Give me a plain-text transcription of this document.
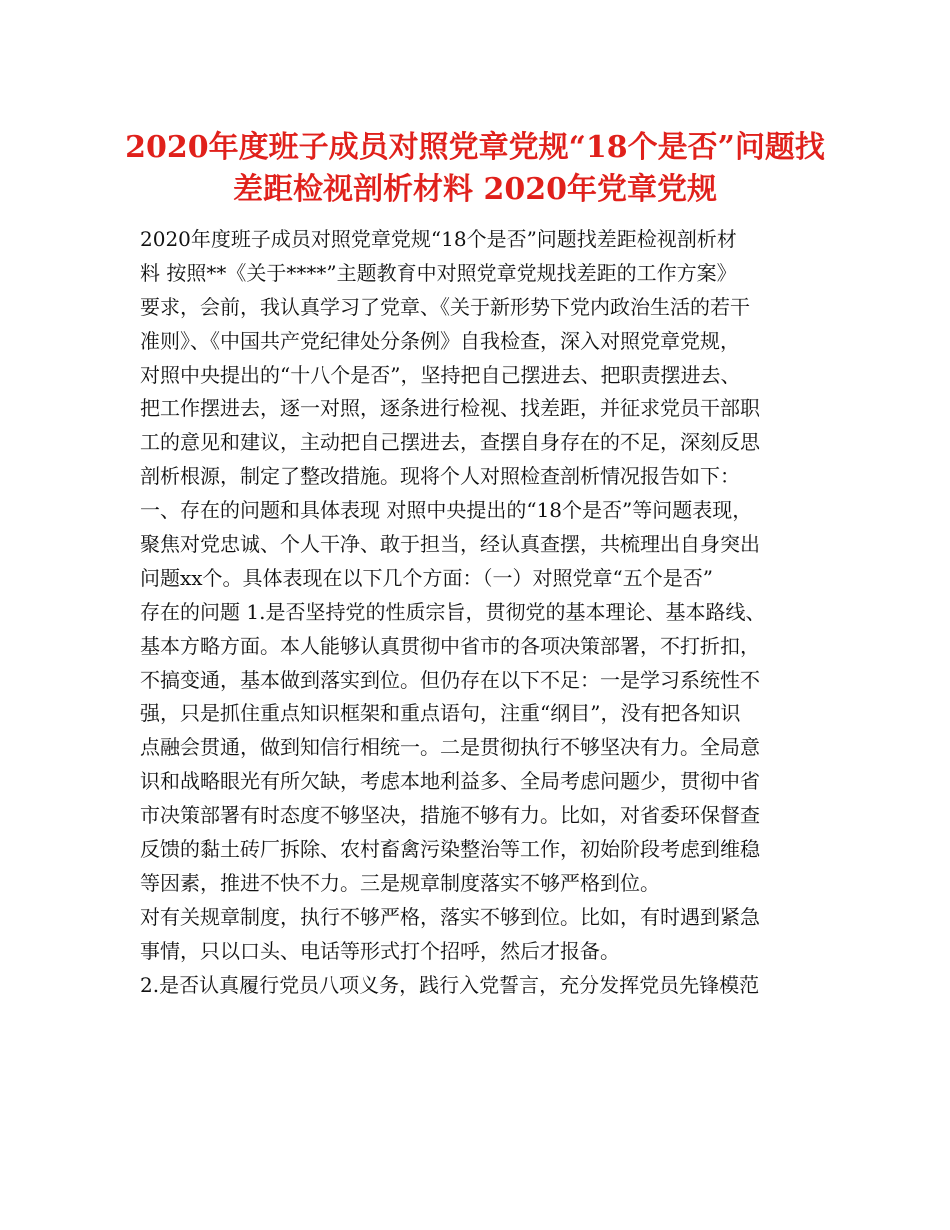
2020年度班子成员对照党章党规“18个是否”问题找
差距检视剖析材料 2020年党章党规
2020年度班子成员对照党章党规“18个是否”问题找差距检视剖析材
料 按照**《关于****”主题教育中对照党章党规找差距的工作方案》
要求，会前，我认真学习了党章、《关于新形势下党内政治生活的若干
准则》、《中国共产党纪律处分条例》自我检查，深入对照党章党规，
对照中央提出的“十八个是否”，坚持把自己摆进去、把职责摆进去、
把工作摆进去，逐一对照，逐条进行检视、找差距，并征求党员干部职
工的意见和建议，主动把自己摆进去，查摆自身存在的不足，深刻反思
剖析根源，制定了整改措施。现将个人对照检查剖析情况报告如下：
一、存在的问题和具体表现 对照中央提出的“18个是否”等问题表现，
聚焦对党忠诚、个人干净、敢于担当，经认真查摆，共梳理出自身突出
问题xx个。具体表现在以下几个方面：（一）对照党章“五个是否”
存在的问题 1.是否坚持党的性质宗旨，贯彻党的基本理论、基本路线、
基本方略方面。本人能够认真贯彻中省市的各项决策部署，不打折扣，
不搞变通，基本做到落实到位。但仍存在以下不足：一是学习系统性不
强，只是抓住重点知识框架和重点语句，注重“纲目”，没有把各知识
点融会贯通，做到知信行相统一。二是贯彻执行不够坚决有力。全局意
识和战略眼光有所欠缺，考虑本地利益多、全局考虑问题少，贯彻中省
市决策部署有时态度不够坚决，措施不够有力。比如，对省委环保督查
反馈的黏土砖厂拆除、农村畜禽污染整治等工作，初始阶段考虑到维稳
等因素，推进不快不力。三是规章制度落实不够严格到位。
对有关规章制度，执行不够严格，落实不够到位。比如，有时遇到紧急
事情，只以口头、电话等形式打个招呼，然后才报备。
2.是否认真履行党员八项义务，践行入党誓言，充分发挥党员先锋模范
